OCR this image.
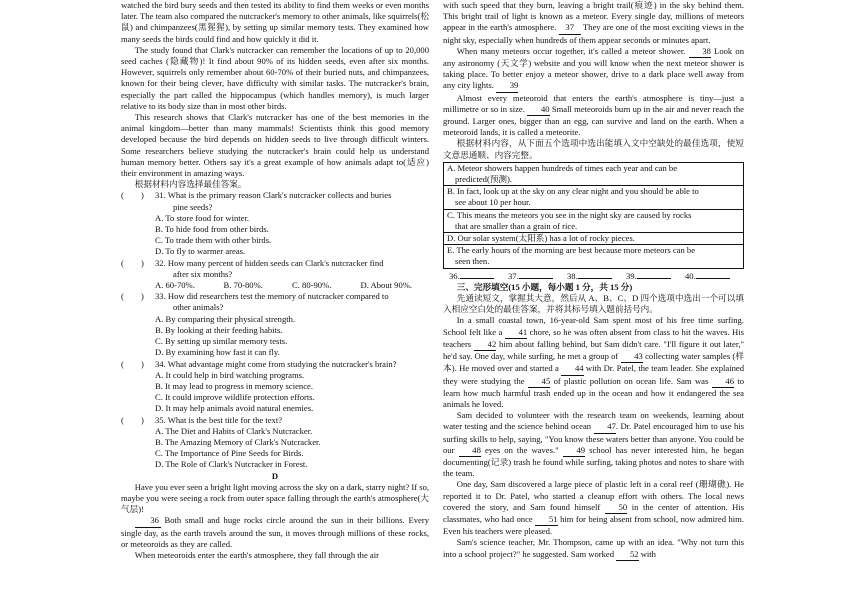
watched the bird bury seeds and then tested its ability to find them weeks or even months later. The team also compared the nutcracker's memory to other animals, like squirrels(松鼠) and chimpanzees(黑猩猩), by setting up similar memory tests. They examined how many seeds the birds could find and how quickly it did it.

The study found that Clark's nutcracker can remember the locations of up to 20,000 seed caches (隐藏物)! It find about 90% of its hidden seeds, even after six months. However, squirrels only remember about 60-70% of their buried nuts, and chimpanzees, known for their being clever, have difficulty with similar tasks. The nutcracker's brain, especially the part called the hippocampus (which handles memory), is much larger relative to its body size than in most other birds.

This research shows that Clark's nutcracker has one of the best memories in the animal kingdom—better than many mammals! Scientists think this good memory developed because the bird depends on hidden seeds to live through difficult winters. Some researchers believe studying the nutcracker's brain could help us understand human memory better. Others say it's a great example of how animals adapt to(适应) their environment in amazing ways.

根据材料内容选择最佳答案。

(        )	31. What is the primary reason Clark's nutcracker collects and buries
pine seeds?
A. To store food for winter.
B. To hide food from other birds.
C. To trade them with other birds.
D. To fly to warmer areas.
(        )	32. How many percent of hidden seeds can Clark's nutcracker find
after six months?
A. 60-70%.	B. 70-80%.	C. 80-90%.	D. About 90%.
(        )	33. How did researchers test the memory of nutcracker compared to
other animals?
A. By comparing their physical strength.
B. By looking at their feeding habits.
C. By setting up similar memory tests.
D. By examining how fast it can fly.
(        )	34. What advantage might come from studying the nutcracker's brain?
A. It could help in bird watching programs.
B. It may lead to progress in memory science.
C. It could improve wildlife protection efforts.
D. It may help animals avoid natural enemies.
(        )	35. What is the best title for the text?
A. The Diet and Habits of Clark's Nutcracker.
B. The Amazing Memory of Clark's Nutcracker.
C. The Importance of Pine Seeds for Birds.
D. The Role of Clark's Nutcracker in Forest.
D

Have you ever seen a bright light moving across the sky on a dark, starry night? If so, maybe you were seeing a rock from outer space falling through the earth's atmosphere(大气层)!

36 Both small and huge rocks circle around the sun in their billions. Every single day, as the earth travels around the sun, it moves through millions of these rocks, or meteoroids as they are called.

When meteoroids enter the earth's atmosphere, they fall through the air

with such speed that they burn, leaving a bright trail(痕迹) in the sky behind them. This bright trail of light is known as a meteor. Every single day, millions of meteors appear in the earth's atmosphere. 37 They are one of the most exciting views in the night sky, especially when hundreds of them appear seconds or minutes apart.

When many meteors occur together, it's called a meteor shower. 38 Look on any astronomy (天文学) website and you will know when the next meteor shower is taking place. To better enjoy a meteor shower, drive to a dark place well away from any city lights. 39

Almost every meteoroid that enters the earth's atmosphere is tiny—just a millimetre or so in size. 40 Small meteoroids burn up in the air and never reach the ground. Larger ones, bigger than an egg, can survive and land on the earth. When a meteoroid lands, it is called a meteorite.

根据材料内容，从下面五个选项中选出能填入文中空缺处的最佳选项，使短文意思通顺、内容完整。

A. Meteor showers happen hundreds of times each year and can be
predicted(预测).

B. In fact, look up at the sky on any clear night and you should be able to
see about 10 per hour.

C. This means the meteors you see in the night sky are caused by rocks
that are smaller than a grain of rice.

D. Our solar system(太阳系) has a lot of rocky pieces.

E. The early hours of the morning are best because more meteors can be
seen then.
36.	37.	38.	39.	40.
三、完形填空(15 小题，每小题 1 分，共 15 分)

先通读短文，掌握其大意，然后从 A、B、C、D 四个选项中选出一个可以填入相应空白处的最佳答案，并将其标号填入题前括号内。

In a small coastal town, 16-year-old Sam spent most of his free time surfing. School felt like a 41 chore, so he was often absent from class to hit the waves. His teachers 42 him about falling behind, but Sam didn't care. "I'll figure it out later," he'd say. One day, while surfing, he met a group of 43 collecting water samples (样本). He moved over and started a 44 with Dr. Patel, the team leader. She explained they were studying the 45 of plastic pollution on ocean life. Sam was 46 to learn how much harmful trash ended up in the ocean and how it endangered the sea animals he loved.

Sam decided to volunteer with the research team on weekends, learning about water testing and the science behind ocean 47. Dr. Patel encouraged him to use his surfing skills to help, saying, "You know these waters better than anyone. You could be our 48 eyes on the waves." 49 school has never interested him, he began documenting(记录) trash he found while surfing, taking photos and notes to share with the team.

One day, Sam discovered a large piece of plastic left in a coral reef (珊瑚礁). He reported it to Dr. Patel, who started a cleanup effort with others. The local news covered the story, and Sam found himself 50 in the center of attention. His classmates, who had once 51 him for being absent from school, now admired him. Even his teachers were pleased.

Sam's science teacher, Mr. Thompson, came up with an idea. "Why not turn this into a school project?" he suggested. Sam worked 52 with
